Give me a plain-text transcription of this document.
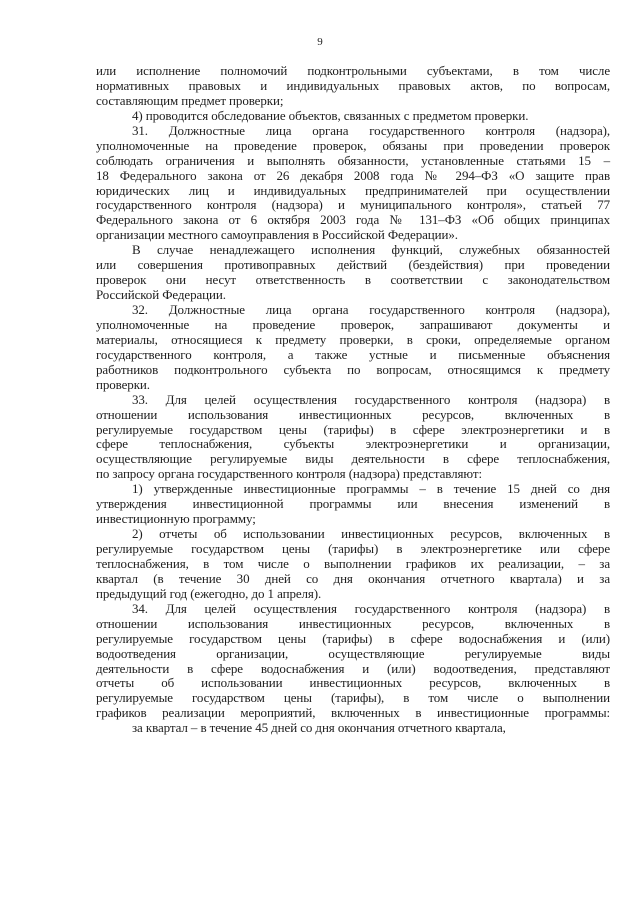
9
или исполнение полномочий подконтрольными субъектами, в том числе
нормативных правовых и индивидуальных правовых актов, по вопросам,
составляющим предмет проверки;
4) проводится обследование объектов, связанных с предметом проверки.
31. Должностные лица органа государственного контроля (надзора),
уполномоченные на проведение проверок, обязаны при проведении проверок
соблюдать ограничения и выполнять обязанности, установленные статьями 15 –
18 Федерального закона от 26 декабря 2008 года № 294–ФЗ «О защите прав
юридических лиц и индивидуальных предпринимателей при осуществлении
государственного контроля (надзора) и муниципального контроля», статьей 77
Федерального закона от 6 октября 2003 года № 131–ФЗ «Об общих принципах
организации местного самоуправления в Российской Федерации».
В случае ненадлежащего исполнения функций, служебных обязанностей
или совершения противоправных действий (бездействия) при проведении
проверок они несут ответственность в соответствии с законодательством
Российской Федерации.
32. Должностные лица органа государственного контроля (надзора),
уполномоченные на проведение проверок, запрашивают документы и
материалы, относящиеся к предмету проверки, в сроки, определяемые органом
государственного контроля, а также устные и письменные объяснения
работников подконтрольного субъекта по вопросам, относящимся к предмету
проверки.
33. Для целей осуществления государственного контроля (надзора) в
отношении использования инвестиционных ресурсов, включенных в
регулируемые государством цены (тарифы) в сфере электроэнергетики и в
сфере теплоснабжения, субъекты электроэнергетики и организации,
осуществляющие регулируемые виды деятельности в сфере теплоснабжения,
по запросу органа государственного контроля (надзора) представляют:
1) утвержденные инвестиционные программы – в течение 15 дней со дня
утверждения инвестиционной программы или внесения изменений в
инвестиционную программу;
2) отчеты об использовании инвестиционных ресурсов, включенных в
регулируемые государством цены (тарифы) в электроэнергетике или сфере
теплоснабжения, в том числе о выполнении графиков их реализации, – за
квартал (в течение 30 дней со дня окончания отчетного квартала) и за
предыдущий год (ежегодно, до 1 апреля).
34. Для целей осуществления государственного контроля (надзора) в
отношении использования инвестиционных ресурсов, включенных в
регулируемые государством цены (тарифы) в сфере водоснабжения и (или)
водоотведения организации, осуществляющие регулируемые виды
деятельности в сфере водоснабжения и (или) водоотведения, представляют
отчеты об использовании инвестиционных ресурсов, включенных в
регулируемые государством цены (тарифы), в том числе о выполнении
графиков реализации мероприятий, включенных в инвестиционные программы:
за квартал – в течение 45 дней со дня окончания отчетного квартала,
